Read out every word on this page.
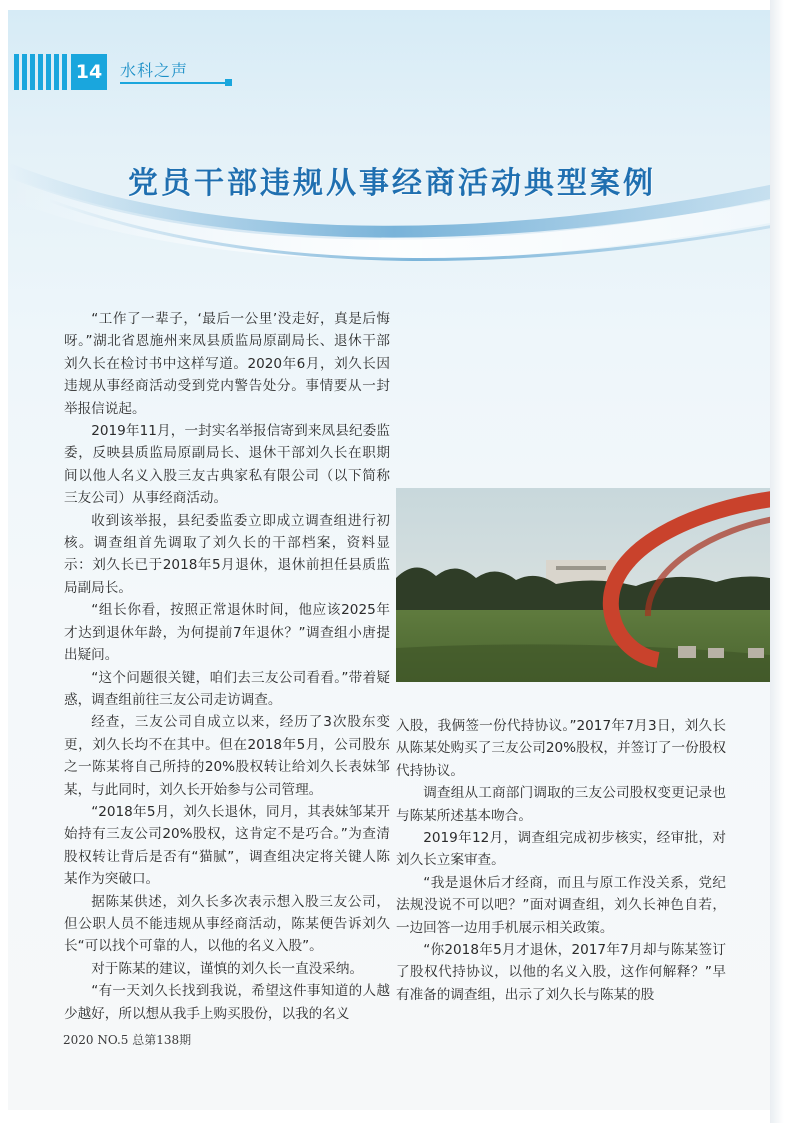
14 水科之声
党员干部违规从事经商活动典型案例

“工作了一辈子，‘最后一公里’没走好，真是后悔呀。”湖北省恩施州来凤县质监局原副局长、退休干部刘久长在检讨书中这样写道。2020年6月，刘久长因违规从事经商活动受到党内警告处分。事情要从一封举报信说起。

2019年11月，一封实名举报信寄到来凤县纪委监委，反映县质监局原副局长、退休干部刘久长在职期间以他人名义入股三友古典家私有限公司（以下简称三友公司）从事经商活动。

收到该举报，县纪委监委立即成立调查组进行初核。调查组首先调取了刘久长的干部档案，资料显示：刘久长已于2018年5月退休，退休前担任县质监局副局长。

“组长你看，按照正常退休时间，他应该2025年才达到退休年龄，为何提前7年退休？”调查组小唐提出疑问。

“这个问题很关键，咱们去三友公司看看。”带着疑惑，调查组前往三友公司走访调查。

经查，三友公司自成立以来，经历了3次股东变更，刘久长均不在其中。但在2018年5月，公司股东之一陈某将自己所持的20%股权转让给刘久长表妹邹某，与此同时，刘久长开始参与公司管理。

“2018年5月，刘久长退休，同月，其表妹邹某开始持有三友公司20%股权，这肯定不是巧合。”为查清股权转让背后是否有“猫腻”，调查组决定将关键人陈某作为突破口。

据陈某供述，刘久长多次表示想入股三友公司，但公职人员不能违规从事经商活动，陈某便告诉刘久长“可以找个可靠的人，以他的名义入股”。

对于陈某的建议，谨慎的刘久长一直没采纳。

“有一天刘久长找到我说，希望这件事知道的人越少越好，所以想从我手上购买股份，以我的名义

入股，我俩签一份代持协议。”2017年7月3日，刘久长从陈某处购买了三友公司20%股权，并签订了一份股权代持协议。

调查组从工商部门调取的三友公司股权变更记录也与陈某所述基本吻合。

2019年12月，调查组完成初步核实，经审批，对刘久长立案审查。

“我是退休后才经商，而且与原工作没关系，党纪法规没说不可以吧？”面对调查组，刘久长神色自若，一边回答一边用手机展示相关政策。

“你2018年5月才退休，2017年7月却与陈某签订了股权代持协议，以他的名义入股，这作何解释？”早有准备的调查组，出示了刘久长与陈某的股

2020 NO.5 总第138期
